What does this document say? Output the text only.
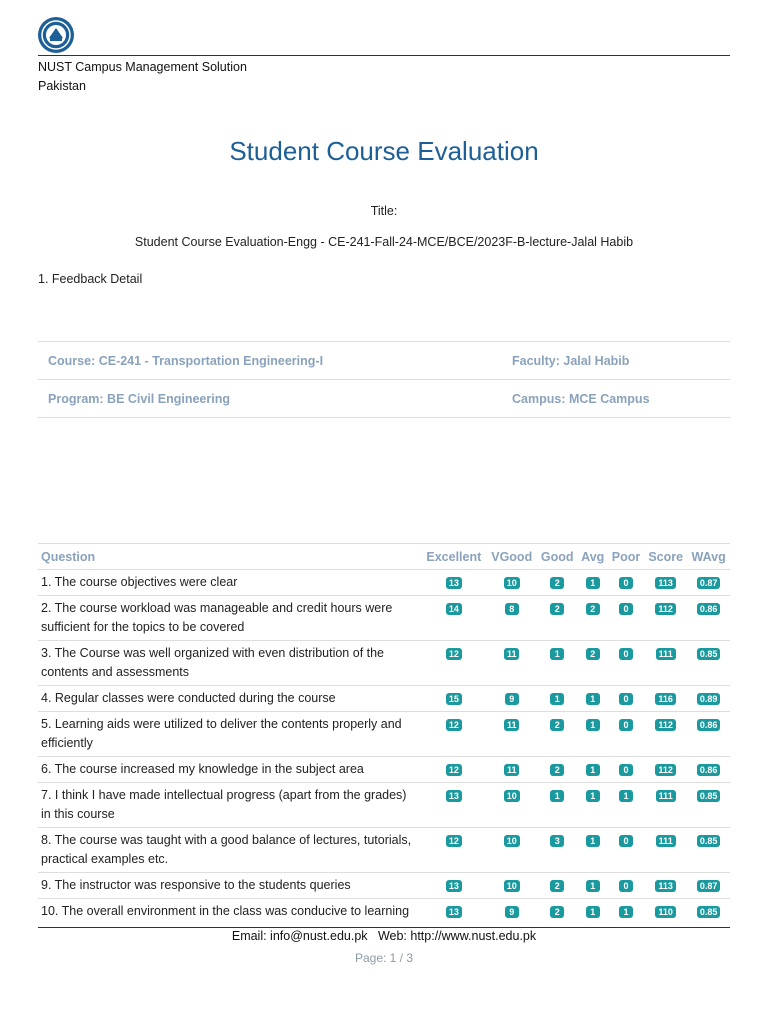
NUST Campus Management Solution
Pakistan
Student Course Evaluation
Title:
Student Course Evaluation-Engg - CE-241-Fall-24-MCE/BCE/2023F-B-lecture-Jalal Habib
1. Feedback Detail
Course: CE-241 - Transportation Engineering-I	Faculty: Jalal Habib
Program: BE Civil Engineering	Campus: MCE Campus
Question	Excellent	VGood	Good	Avg	Poor	Score	WAvg
1. The course objectives were clear	13	10	2	1	0	113	0.87
2. The course workload was manageable and credit hours were sufficient for the topics to be covered	14	8	2	2	0	112	0.86
3. The Course was well organized with even distribution of the contents and assessments	12	11	1	2	0	111	0.85
4. Regular classes were conducted during the course	15	9	1	1	0	116	0.89
5. Learning aids were utilized to deliver the contents properly and efficiently	12	11	2	1	0	112	0.86
6. The course increased my knowledge in the subject area	12	11	2	1	0	112	0.86
7. I think I have made intellectual progress (apart from the grades) in this course	13	10	1	1	1	111	0.85
8. The course was taught with a good balance of lectures, tutorials, practical examples etc.	12	10	3	1	0	111	0.85
9. The instructor was responsive to the students queries	13	10	2	1	0	113	0.87
10. The overall environment in the class was conducive to learning	13	9	2	1	1	110	0.85
Email: info@nust.edu.pk   Web: http://www.nust.edu.pk
Page: 1 / 3
